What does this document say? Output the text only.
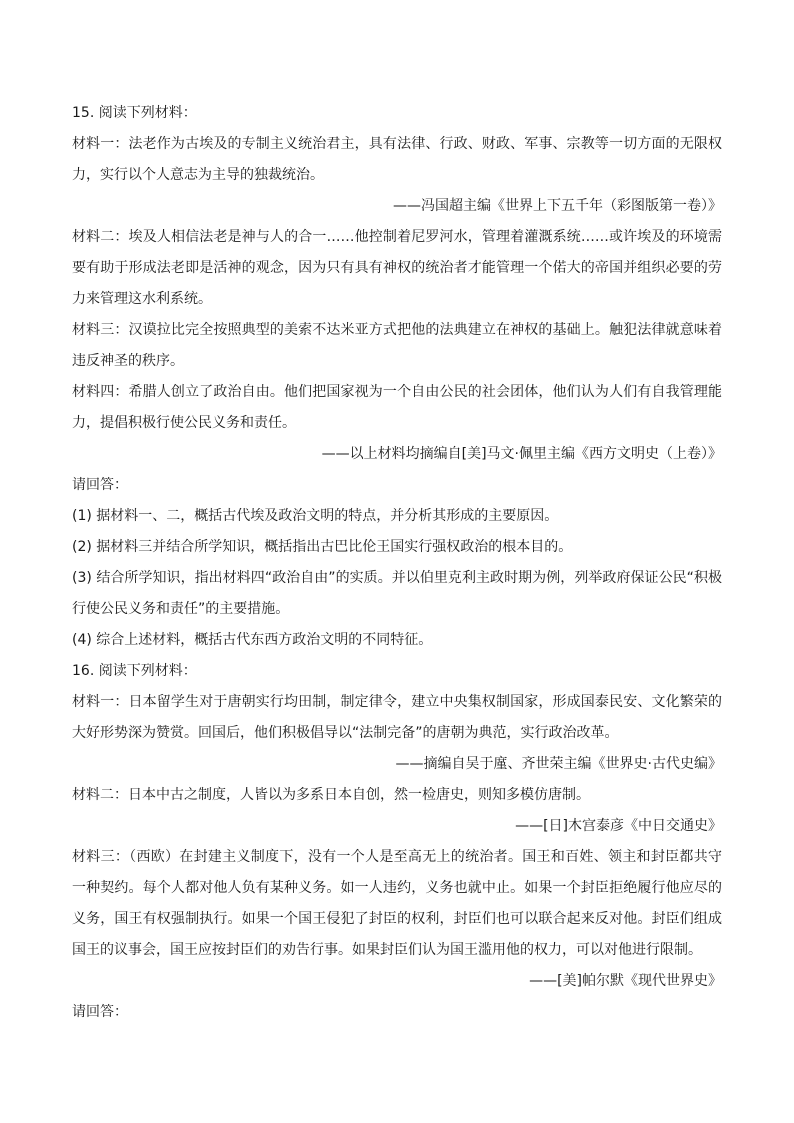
15. 阅读下列材料：

材料一：法老作为古埃及的专制主义统治君主，具有法律、行政、财政、军事、宗教等一切方面的无限权力，实行以个人意志为主导的独裁统治。

——冯国超主编《世界上下五千年（彩图版第一卷）》

材料二：埃及人相信法老是神与人的合一……他控制着尼罗河水，管理着灌溉系统……或许埃及的环境需要有助于形成法老即是活神的观念，因为只有具有神权的统治者才能管理一个偌大的帝国并组织必要的劳力来管理这水利系统。

材料三：汉谟拉比完全按照典型的美索不达米亚方式把他的法典建立在神权的基础上。触犯法律就意味着违反神圣的秩序。

材料四：希腊人创立了政治自由。他们把国家视为一个自由公民的社会团体，他们认为人们有自我管理能力，提倡积极行使公民义务和责任。

——以上材料均摘编自[美]马文·佩里主编《西方文明史（上卷）》
请回答：

(1) 据材料一、二，概括古代埃及政治文明的特点，并分析其形成的主要原因。

(2) 据材料三并结合所学知识，概括指出古巴比伦王国实行强权政治的根本目的。

(3) 结合所学知识，指出材料四“政治自由”的实质。并以伯里克利主政时期为例，列举政府保证公民“积极行使公民义务和责任”的主要措施。

(4) 综合上述材料，概括古代东西方政治文明的不同特征。

16. 阅读下列材料：

材料一：日本留学生对于唐朝实行均田制，制定律令，建立中央集权制国家，形成国泰民安、文化繁荣的大好形势深为赞赏。回国后，他们积极倡导以“法制完备”的唐朝为典范，实行政治改革。

——摘编自吴于廑、齐世荣主编《世界史·古代史编》

材料二：日本中古之制度，人皆以为多系日本自创，然一检唐史，则知多模仿唐制。

——[日]木宫泰彦《中日交通史》

材料三：（西欧）在封建主义制度下，没有一个人是至高无上的统治者。国王和百姓、领主和封臣都共守一种契约。每个人都对他人负有某种义务。如一人违约，义务也就中止。如果一个封臣拒绝履行他应尽的义务，国王有权强制执行。如果一个国王侵犯了封臣的权利，封臣们也可以联合起来反对他。封臣们组成国王的议事会，国王应按封臣们的劝告行事。如果封臣们认为国王滥用他的权力，可以对他进行限制。

——[美]帕尔默《现代世界史》
请回答：
